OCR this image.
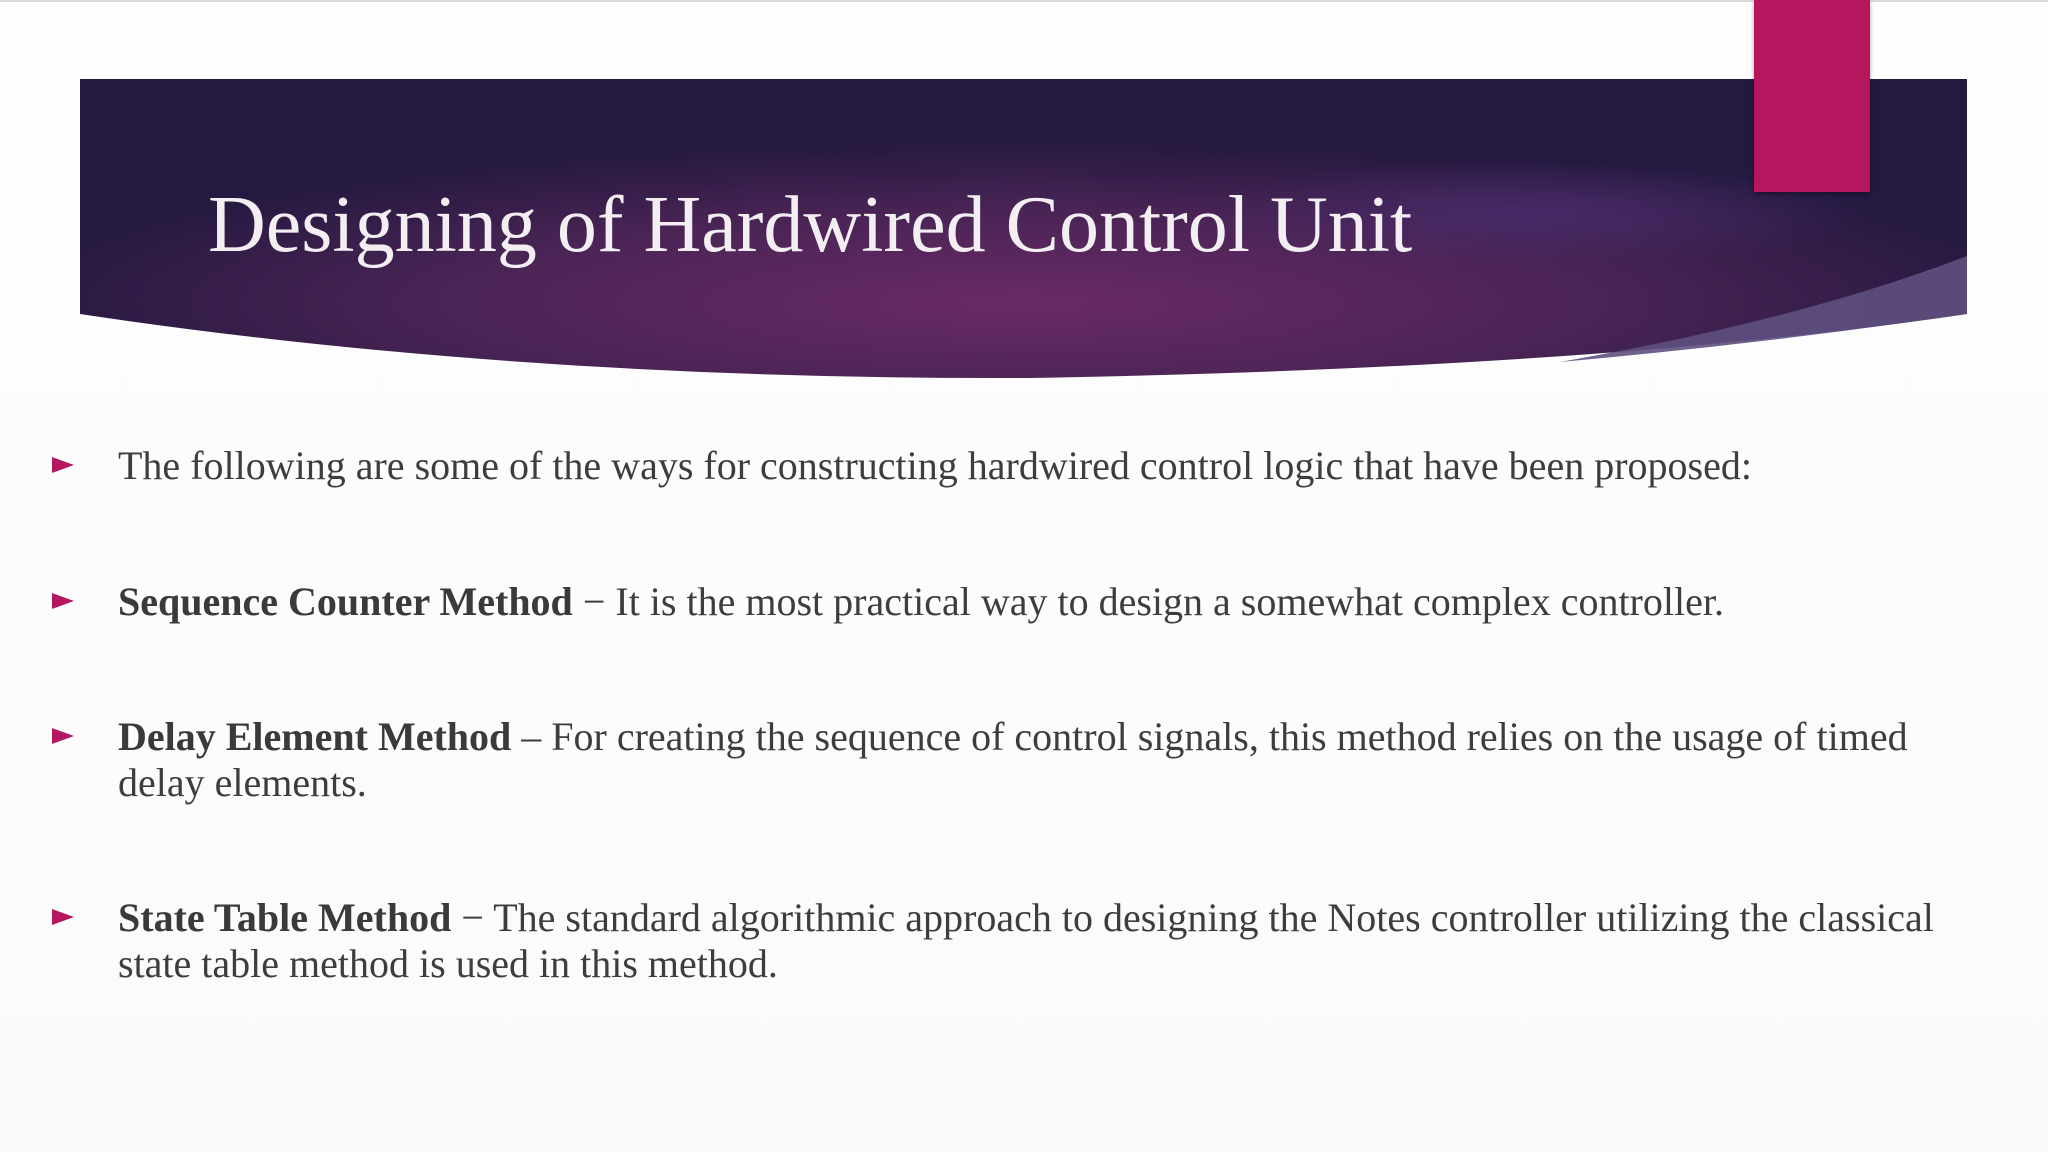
Designing of Hardwired Control Unit
The following are some of the ways for constructing hardwired control logic that have been proposed:
Sequence Counter Method − It is the most practical way to design a somewhat complex controller.
Delay Element Method – For creating the sequence of control signals, this method relies on the usage of timed delay elements.
State Table Method − The standard algorithmic approach to designing the Notes controller utilizing the classical state table method is used in this method.
